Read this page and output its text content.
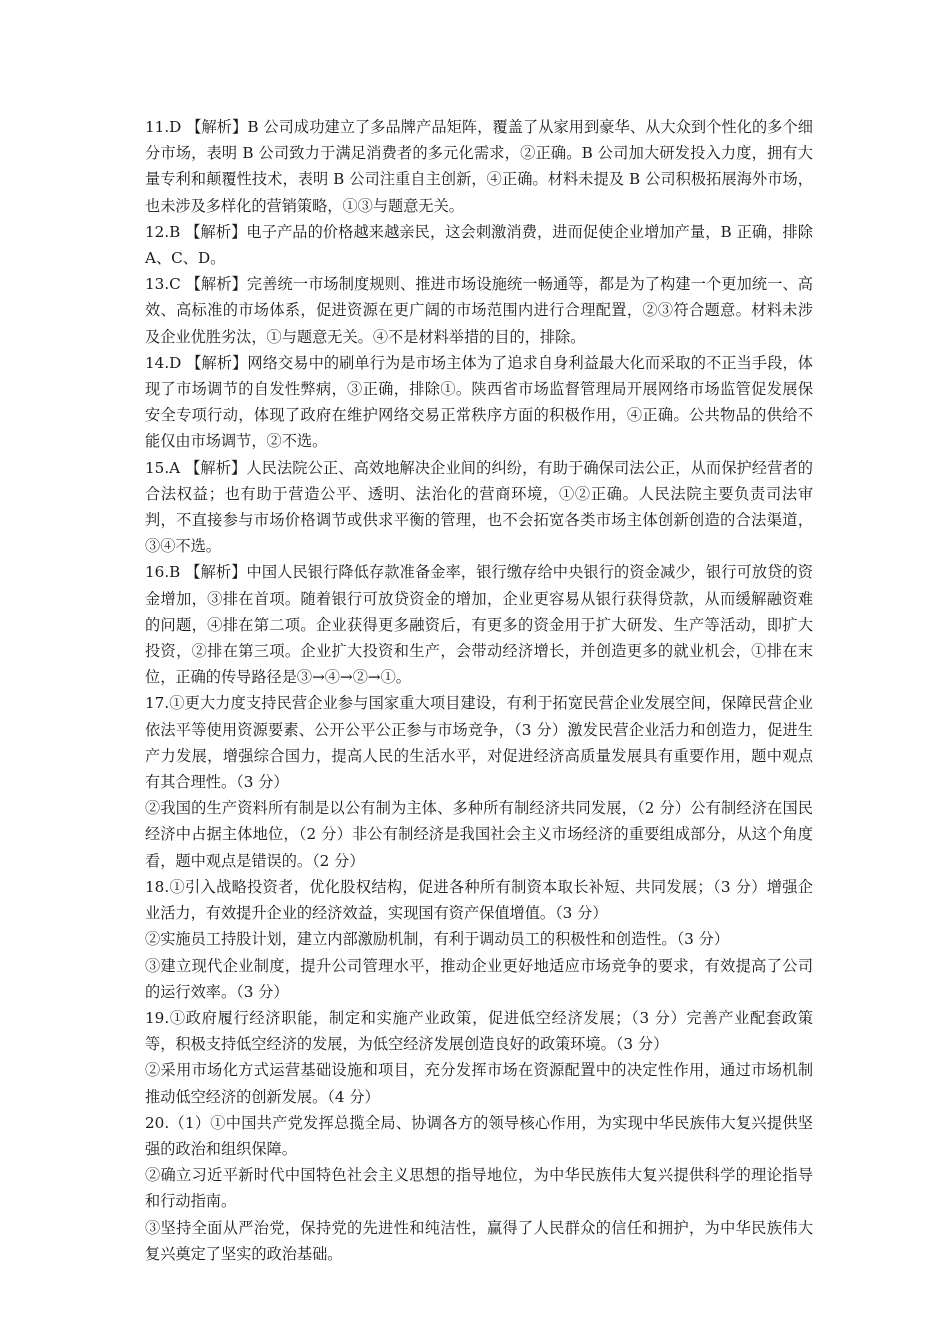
11.D 【解析】B 公司成功建立了多品牌产品矩阵，覆盖了从家用到豪华、从大众到个性化的多个细分市场，表明 B 公司致力于满足消费者的多元化需求，②正确。B 公司加大研发投入力度，拥有大量专利和颠覆性技术，表明 B 公司注重自主创新，④正确。材料未提及 B 公司积极拓展海外市场，也未涉及多样化的营销策略，①③与题意无关。

12.B 【解析】电子产品的价格越来越亲民，这会刺激消费，进而促使企业增加产量，B 正确，排除 A、C、D。

13.C 【解析】完善统一市场制度规则、推进市场设施统一畅通等，都是为了构建一个更加统一、高效、高标准的市场体系，促进资源在更广阔的市场范围内进行合理配置，②③符合题意。材料未涉及企业优胜劣汰，①与题意无关。④不是材料举措的目的，排除。

14.D 【解析】网络交易中的刷单行为是市场主体为了追求自身利益最大化而采取的不正当手段，体现了市场调节的自发性弊病，③正确，排除①。陕西省市场监督管理局开展网络市场监管促发展保安全专项行动，体现了政府在维护网络交易正常秩序方面的积极作用，④正确。公共物品的供给不能仅由市场调节，②不选。

15.A 【解析】人民法院公正、高效地解决企业间的纠纷，有助于确保司法公正，从而保护经营者的合法权益；也有助于营造公平、透明、法治化的营商环境，①②正确。人民法院主要负责司法审判，不直接参与市场价格调节或供求平衡的管理，也不会拓宽各类市场主体创新创造的合法渠道，③④不选。

16.B 【解析】中国人民银行降低存款准备金率，银行缴存给中央银行的资金减少，银行可放贷的资金增加，③排在首项。随着银行可放贷资金的增加，企业更容易从银行获得贷款，从而缓解融资难的问题，④排在第二项。企业获得更多融资后，有更多的资金用于扩大研发、生产等活动，即扩大投资，②排在第三项。企业扩大投资和生产，会带动经济增长，并创造更多的就业机会，①排在末位，正确的传导路径是③→④→②→①。

17.①更大力度支持民营企业参与国家重大项目建设，有利于拓宽民营企业发展空间，保障民营企业依法平等使用资源要素、公开公平公正参与市场竞争，（3 分）激发民营企业活力和创造力，促进生产力发展，增强综合国力，提高人民的生活水平，对促进经济高质量发展具有重要作用，题中观点有其合理性。（3 分）

②我国的生产资料所有制是以公有制为主体、多种所有制经济共同发展，（2 分）公有制经济在国民经济中占据主体地位，（2 分）非公有制经济是我国社会主义市场经济的重要组成部分，从这个角度看，题中观点是错误的。（2 分）

18.①引入战略投资者，优化股权结构，促进各种所有制资本取长补短、共同发展；（3 分）增强企业活力，有效提升企业的经济效益，实现国有资产保值增值。（3 分）

②实施员工持股计划，建立内部激励机制，有利于调动员工的积极性和创造性。（3 分）

③建立现代企业制度，提升公司管理水平，推动企业更好地适应市场竞争的要求，有效提高了公司的运行效率。（3 分）

19.①政府履行经济职能，制定和实施产业政策，促进低空经济发展；（3 分）完善产业配套政策等，积极支持低空经济的发展，为低空经济发展创造良好的政策环境。（3 分）

②采用市场化方式运营基础设施和项目，充分发挥市场在资源配置中的决定性作用，通过市场机制推动低空经济的创新发展。（4 分）

20.（1）①中国共产党发挥总揽全局、协调各方的领导核心作用，为实现中华民族伟大复兴提供坚强的政治和组织保障。

②确立习近平新时代中国特色社会主义思想的指导地位，为中华民族伟大复兴提供科学的理论指导和行动指南。

③坚持全面从严治党，保持党的先进性和纯洁性，赢得了人民群众的信任和拥护，为中华民族伟大复兴奠定了坚实的政治基础。
